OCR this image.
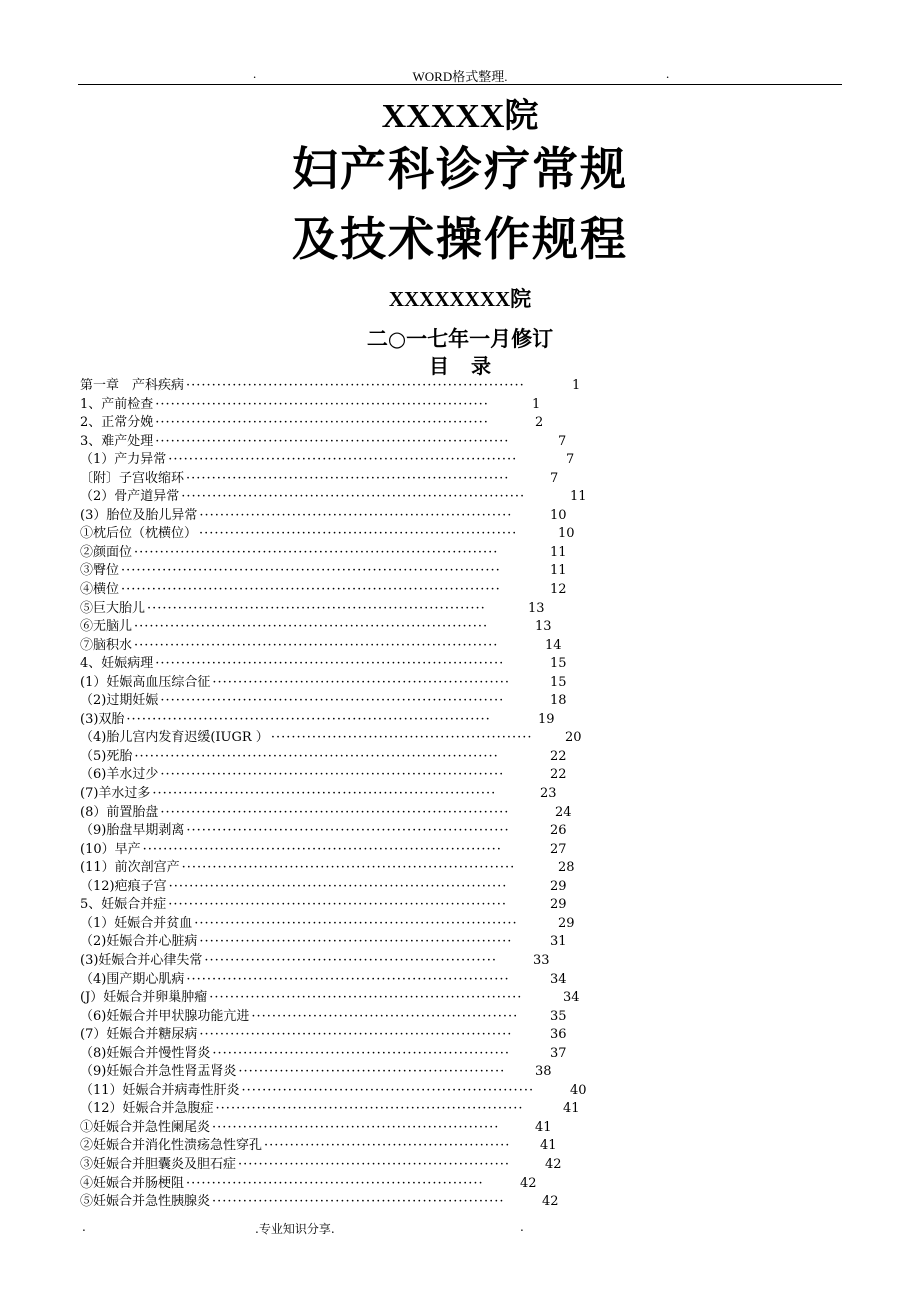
.	WORD格式整理.	.
XXXXX院
妇产科诊疗常规
及技术操作规程
XXXXXXXX院
二○一七年一月修订
目录
第一章　产科疾病 ··································································	1
1、产前检查 ·································································	1
2、正常分娩 ·································································	2
3、难产处理 ·····································································	7
（1）产力异常 ····································································	7
〔附〕子宫收缩环 ·······························································	7
（2）骨产道异常 ···································································	11
(3）胎位及胎儿异常 ·····························································	10
①枕后位（枕横位） ······························································	10
②颜面位 ·······································································	11
③臀位 ··········································································	11
④横位 ··········································································	12
⑤巨大胎儿 ··································································	13
⑥无脑儿 ·····································································	13
⑦脑积水 ·······································································	14
4、妊娠病理 ····································································	15
(1）妊娠高血压综合征 ··························································	15
（2)过期妊娠 ···································································	18
(3)双胎 ·······································································	19
（4)胎儿宫内发育迟缓(IUGR ） ···················································	20
（5)死胎 ·······································································	22
（6)羊水过少 ···································································	22
(7)羊水过多 ···································································	23
(8）前置胎盘 ····································································	24
（9)胎盘早期剥离 ·······························································	26
(10）早产 ······································································	27
(11）前次剖宫产 ·································································	28
（12)疤痕子宫 ··································································	29
5、妊娠合并症 ··································································	29
（1）妊娠合并贫血 ·······························································	29
（2)妊娠合并心脏病 ·····························································	31
(3)妊娠合并心律失常 ·························································	33
（4)围产期心肌病 ·······························································	34
(J）妊娠合并卵巢肿瘤 ·····························································	34
（6)妊娠合并甲状腺功能亢进 ····················································	35
(7）妊娠合并糖尿病 ·····························································	36
（8)妊娠合并慢性肾炎 ··························································	37
（9)妊娠合并急性肾盂肾炎 ····················································	38
（11）妊娠合并病毒性肝炎 ·························································	40
（12）妊娠合并急腹症 ····························································	41
①妊娠合并急性阑尾炎 ························································	41
②妊娠合并消化性溃疡急性穿孔 ················································	41
③妊娠合并胆囊炎及胆石症 ·····················································	42
④妊娠合并肠梗阻 ··························································	42
⑤妊娠合并急性胰腺炎 ·························································	42
.	.专业知识分享.	.
